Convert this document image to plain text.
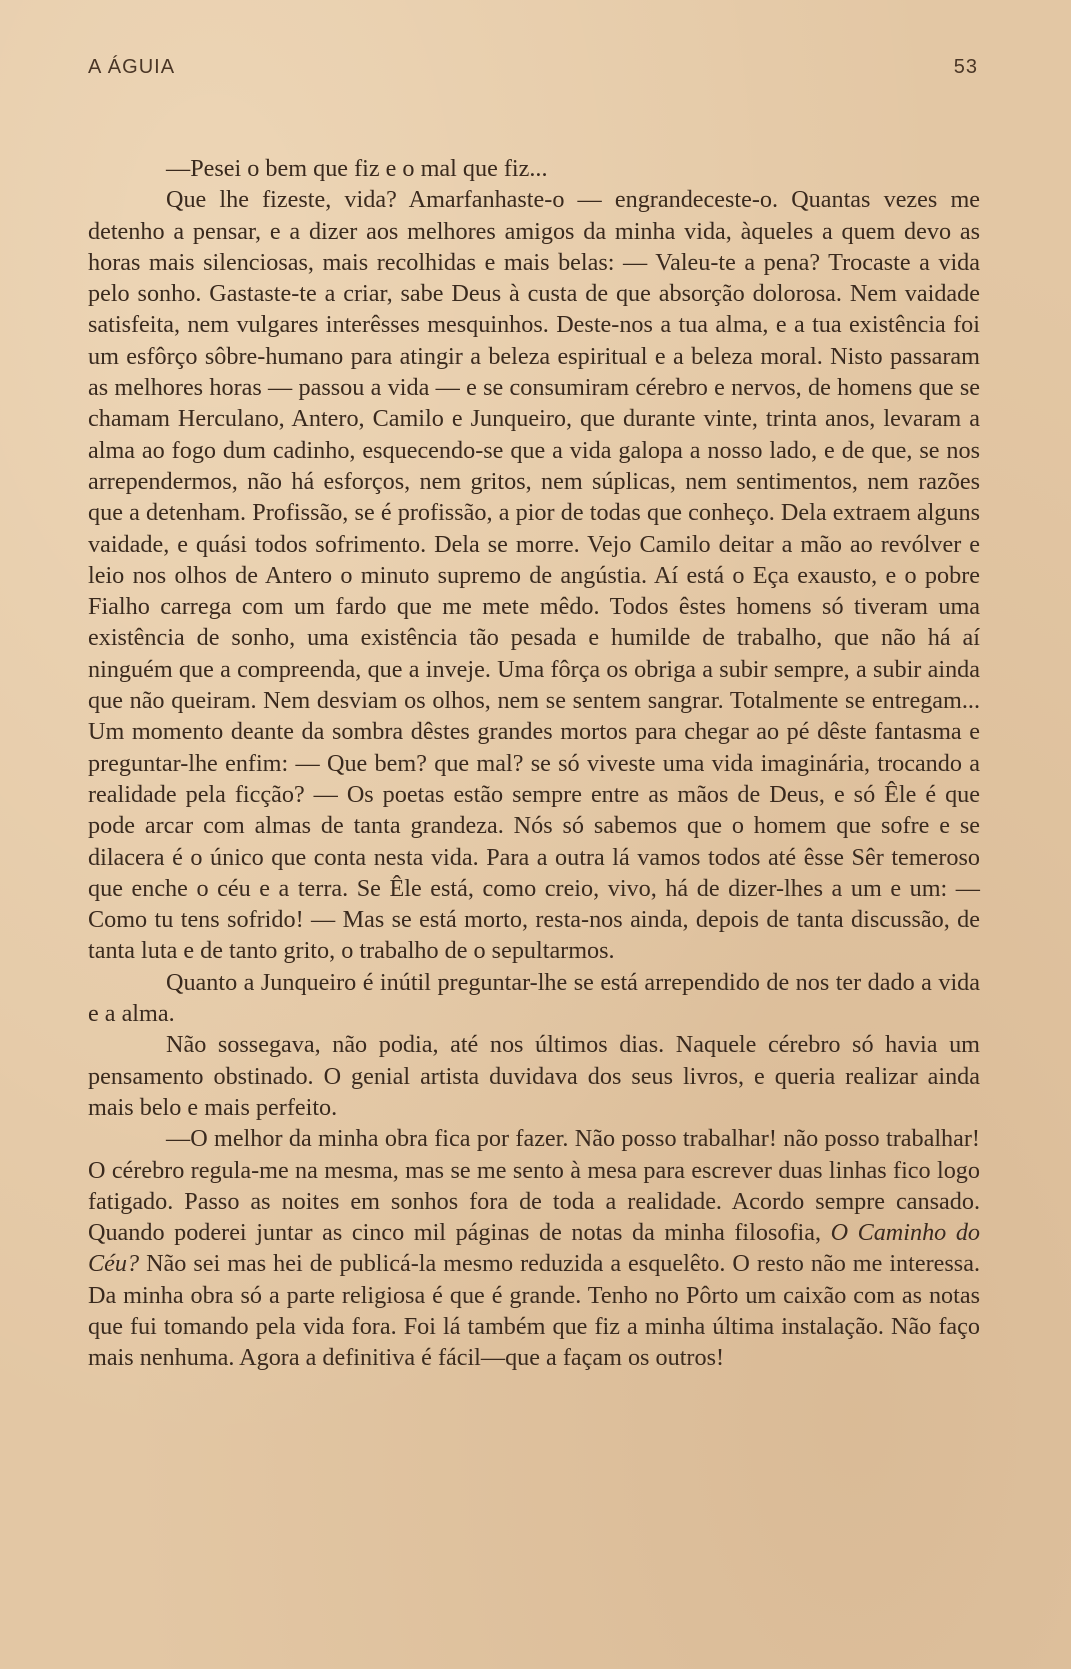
A ÁGUIA	53

—Pesei o bem que fiz e o mal que fiz...

Que lhe fizeste, vida? Amarfanhaste-o — engrandeceste-o. Quantas vezes me detenho a pensar, e a dizer aos melhores amigos da minha vida, àqueles a quem devo as horas mais silenciosas, mais recolhidas e mais belas: — Valeu-te a pena? Trocaste a vida pelo sonho. Gastaste-te a criar, sabe Deus à custa de que absorção dolorosa. Nem vaidade satisfeita, nem vulgares interêsses mesquinhos. Deste-nos a tua alma, e a tua existência foi um esfôrço sôbre-humano para atingir a beleza espiritual e a beleza moral. Nisto passaram as melhores horas — passou a vida — e se consumiram cérebro e nervos, de homens que se chamam Herculano, Antero, Camilo e Junqueiro, que durante vinte, trinta anos, levaram a alma ao fogo dum cadinho, esquecendo-se que a vida galopa a nosso lado, e de que, se nos arrependermos, não há esforços, nem gritos, nem súplicas, nem sentimentos, nem razões que a detenham. Profissão, se é profissão, a pior de todas que conheço. Dela extraem alguns vaidade, e quási todos sofrimento. Dela se morre. Vejo Camilo deitar a mão ao revólver e leio nos olhos de Antero o minuto supremo de angústia. Aí está o Eça exausto, e o pobre Fialho carrega com um fardo que me mete mêdo. Todos êstes homens só tiveram uma existência de sonho, uma existência tão pesada e humilde de trabalho, que não há aí ninguém que a compreenda, que a inveje. Uma fôrça os obriga a subir sempre, a subir ainda que não queiram. Nem desviam os olhos, nem se sentem sangrar. Totalmente se entregam... Um momento deante da sombra dêstes grandes mortos para chegar ao pé dêste fantasma e preguntar-lhe enfim: — Que bem? que mal? se só viveste uma vida imaginária, trocando a realidade pela ficção? — Os poetas estão sempre entre as mãos de Deus, e só Êle é que pode arcar com almas de tanta grandeza. Nós só sabemos que o homem que sofre e se dilacera é o único que conta nesta vida. Para a outra lá vamos todos até êsse Sêr temeroso que enche o céu e a terra. Se Êle está, como creio, vivo, há de dizer-lhes a um e um: — Como tu tens sofrido! — Mas se está morto, resta-nos ainda, depois de tanta discussão, de tanta luta e de tanto grito, o trabalho de o sepultarmos.

Quanto a Junqueiro é inútil preguntar-lhe se está arrependido de nos ter dado a vida e a alma.

Não sossegava, não podia, até nos últimos dias. Naquele cérebro só havia um pensamento obstinado. O genial artista duvidava dos seus livros, e queria realizar ainda mais belo e mais perfeito.

—O melhor da minha obra fica por fazer. Não posso trabalhar! não posso trabalhar! O cérebro regula-me na mesma, mas se me sento à mesa para escrever duas linhas fico logo fatigado. Passo as noites em sonhos fora de toda a realidade. Acordo sempre cansado. Quando poderei juntar as cinco mil páginas de notas da minha filosofia, O Caminho do Céu? Não sei mas hei de publicá-la mesmo reduzida a esquelêto. O resto não me interessa. Da minha obra só a parte religiosa é que é grande. Tenho no Pôrto um caixão com as notas que fui tomando pela vida fora. Foi lá também que fiz a minha última instalação. Não faço mais nenhuma. Agora a definitiva é fácil—que a façam os outros!
